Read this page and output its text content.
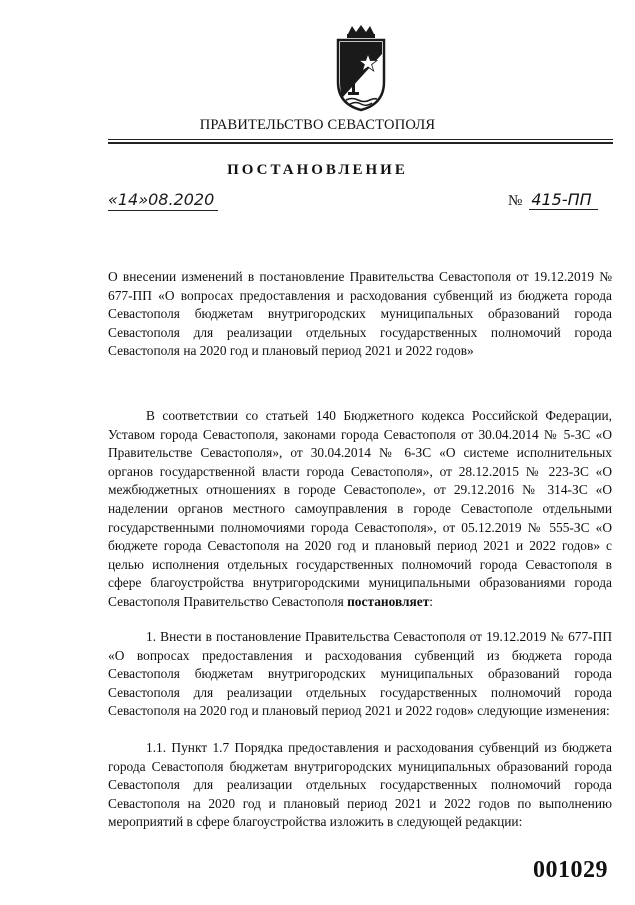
ПРАВИТЕЛЬСТВО СЕВАСТОПОЛЯ
ПОСТАНОВЛЕНИЕ
«14»08.2020	№ 415-ПП

О внесении изменений в постановление Правительства Севастополя от 19.12.2019 № 677-ПП «О вопросах предоставления и расходования субвенций из бюджета города Севастополя бюджетам внутригородских муниципальных образований города Севастополя для реализации отдельных государственных полномочий города Севастополя на 2020 год и плановый период 2021 и 2022 годов»

В соответствии со статьей 140 Бюджетного кодекса Российской Федерации, Уставом города Севастополя, законами города Севастополя от 30.04.2014 № 5-ЗС «О Правительстве Севастополя», от 30.04.2014 № 6-ЗС «О системе исполнительных органов государственной власти города Севастополя», от 28.12.2015 № 223-ЗС «О межбюджетных отношениях в городе Севастополе», от 29.12.2016 № 314-ЗС «О наделении органов местного самоуправления в городе Севастополе отдельными государственными полномочиями города Севастополя», от 05.12.2019 № 555-ЗС «О бюджете города Севастополя на 2020 год и плановый период 2021 и 2022 годов» с целью исполнения отдельных государственных полномочий города Севастополя в сфере благоустройства внутригородскими муниципальными образованиями города Севастополя Правительство Севастополя постановляет:

1. Внести в постановление Правительства Севастополя от 19.12.2019 № 677-ПП «О вопросах предоставления и расходования субвенций из бюджета города Севастополя бюджетам внутригородских муниципальных образований города Севастополя для реализации отдельных государственных полномочий города Севастополя на 2020 год и плановый период 2021 и 2022 годов» следующие изменения:

1.1. Пункт 1.7 Порядка предоставления и расходования субвенций из бюджета города Севастополя бюджетам внутригородских муниципальных образований города Севастополя для реализации отдельных государственных полномочий города Севастополя на 2020 год и плановый период 2021 и 2022 годов по выполнению мероприятий в сфере благоустройства изложить в следующей редакции:

001029
